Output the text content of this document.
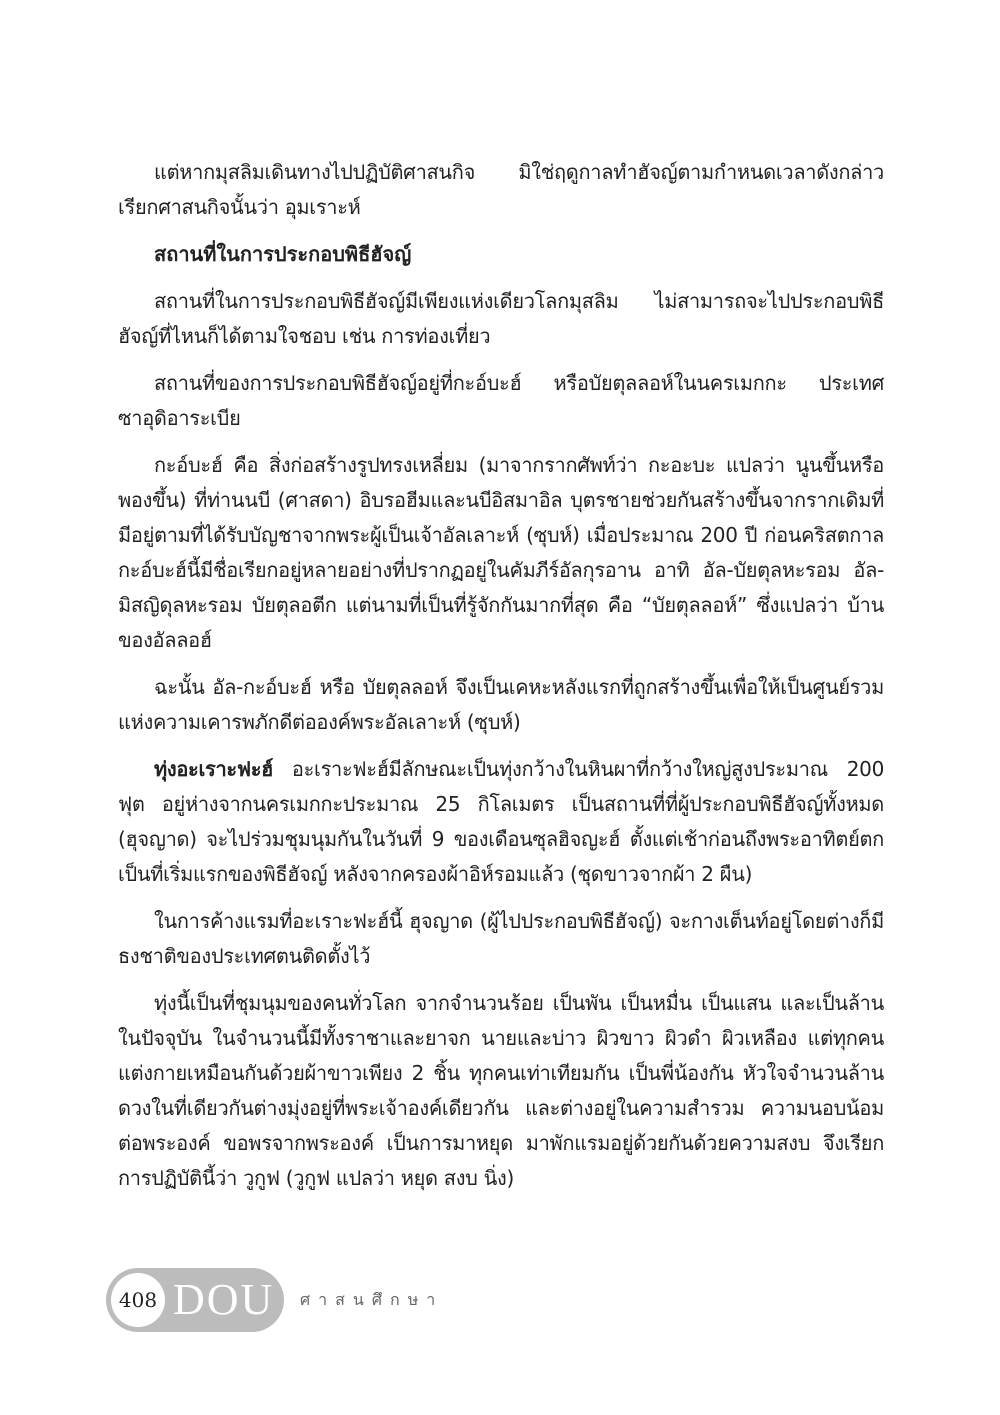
แต่หากมุสลิมเดินทางไปปฏิบัติศาสนกิจ มิใช่ฤดูกาลทำฮัจญ์ตามกำหนดเวลาดังกล่าว เรียกศาสนกิจนั้นว่า อุมเราะห์

สถานที่ในการประกอบพิธีฮัจญ์

สถานที่ในการประกอบพิธีฮัจญ์มีเพียงแห่งเดียวโลกมุสลิม ไม่สามารถจะไปประกอบพิธีฮัจญ์ที่ไหนก็ได้ตามใจชอบ เช่น การท่องเที่ยว

สถานที่ของการประกอบพิธีฮัจญ์อยู่ที่กะอ์บะฮ์ หรือบัยตุลลอห์ในนครเมกกะ ประเทศซาอุดิอาระเบีย

กะอ์บะฮ์ คือ สิ่งก่อสร้างรูปทรงเหลี่ยม (มาจากรากศัพท์ว่า กะอะบะ แปลว่า นูนขึ้นหรือพองขึ้น) ที่ท่านนบี (ศาสดา) อิบรอฮีมและนบีอิสมาอิล บุตรชายช่วยกันสร้างขึ้นจากรากเดิมที่มีอยู่ตามที่ได้รับบัญชาจากพระผู้เป็นเจ้าอัลเลาะห์ (ซุบห์) เมื่อประมาณ 200 ปี ก่อนคริสตกาล กะอ์บะฮ์นี้มีชื่อเรียกอยู่หลายอย่างที่ปรากฏอยู่ในคัมภีร์อัลกุรอาน อาทิ อัล-บัยตุลหะรอม อัล-มิสญิดุลหะรอม บัยตุลอตีก แต่นามที่เป็นที่รู้จักกันมากที่สุด คือ “บัยตุลลอห์” ซึ่งแปลว่า บ้านของอัลลอฮ์

ฉะนั้น อัล-กะอ์บะฮ์ หรือ บัยตุลลอห์ จึงเป็นเคหะหลังแรกที่ถูกสร้างขึ้นเพื่อให้เป็นศูนย์รวมแห่งความเคารพภักดีต่อองค์พระอัลเลาะห์ (ซุบห์)

ทุ่งอะเราะฟะฮ์ อะเราะฟะฮ์มีลักษณะเป็นทุ่งกว้างในหินผาที่กว้างใหญ่สูงประมาณ 200 ฟุต อยู่ห่างจากนครเมกกะประมาณ 25 กิโลเมตร เป็นสถานที่ที่ผู้ประกอบพิธีฮัจญ์ทั้งหมด (ฮุจญาด) จะไปร่วมชุมนุมกันในวันที่ 9 ของเดือนซุลฮิจญะฮ์ ตั้งแต่เช้าก่อนถึงพระอาทิตย์ตก เป็นที่เริ่มแรกของพิธีฮัจญ์ หลังจากครองผ้าอิห์รอมแล้ว (ชุดขาวจากผ้า 2 ผืน)

ในการค้างแรมที่อะเราะฟะฮ์นี้ ฮุจญาด (ผู้ไปประกอบพิธีฮัจญ์) จะกางเต็นท์อยู่โดยต่างก็มีธงชาติของประเทศตนติดตั้งไว้

ทุ่งนี้เป็นที่ชุมนุมของคนทั่วโลก จากจำนวนร้อย เป็นพัน เป็นหมื่น เป็นแสน และเป็นล้านในปัจจุบัน ในจำนวนนี้มีทั้งราชาและยาจก นายและบ่าว ผิวขาว ผิวดำ ผิวเหลือง แต่ทุกคนแต่งกายเหมือนกันด้วยผ้าขาวเพียง 2 ชิ้น ทุกคนเท่าเทียมกัน เป็นพี่น้องกัน หัวใจจำนวนล้านดวงในที่เดียวกันต่างมุ่งอยู่ที่พระเจ้าองค์เดียวกัน และต่างอยู่ในความสำรวม ความนอบน้อมต่อพระองค์ ขอพรจากพระองค์ เป็นการมาหยุด มาพักแรมอยู่ด้วยกันด้วยความสงบ จึงเรียกการปฏิบัตินี้ว่า วูกูฟ (วูกูฟ แปลว่า หยุด สงบ นิ่ง)

408 DOU ศาสนศึกษา
